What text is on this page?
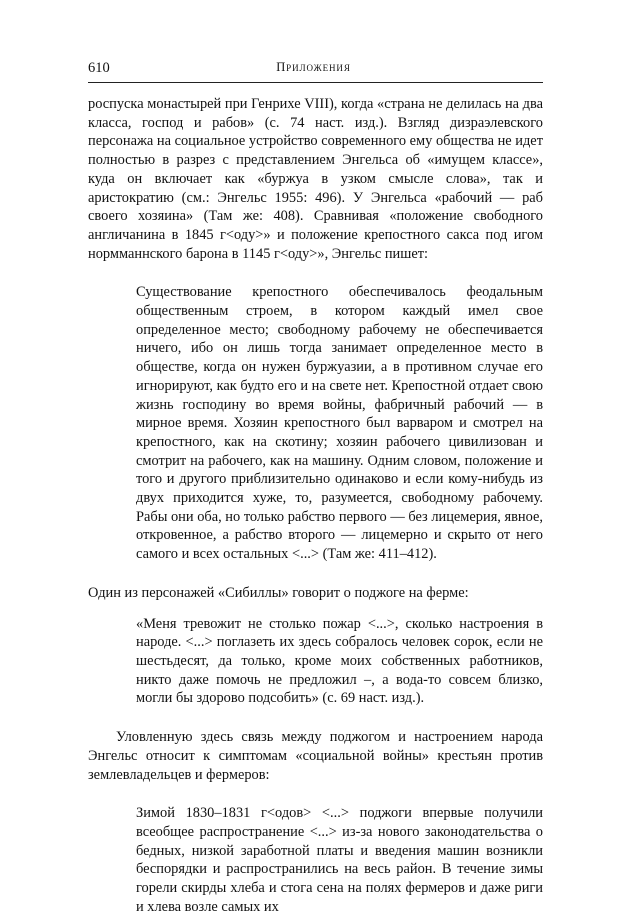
610	Приложения

роспуска монастырей при Генрихе VIII), когда «страна не делилась на два класса, господ и рабов» (с. 74 наст. изд.). Взгляд дизраэлевского персонажа на социальное устройство современного ему общества не идет полностью в разрез с представлением Энгельса об «имущем классе», куда он включает как «буржуа в узком смысле слова», так и аристократию (см.: Энгельс 1955: 496). У Энгельса «рабочий — раб своего хозяина» (Там же: 408). Сравнивая «положение свободного англичанина в 1845 г<оду>» и положение крепостного сакса под игом нормманнского барона в 1145 г<оду>», Энгельс пишет:

Существование крепостного обеспечивалось феодальным общественным строем, в котором каждый имел свое определенное место; свободному рабочему не обеспечивается ничего, ибо он лишь тогда занимает определенное место в обществе, когда он нужен буржуазии, а в противном случае его игнорируют, как будто его и на свете нет. Крепостной отдает свою жизнь господину во время войны, фабричный рабочий — в мирное время. Хозяин крепостного был варваром и смотрел на крепостного, как на скотину; хозяин рабочего цивилизован и смотрит на рабочего, как на машину. Одним словом, положение и того и другого приблизительно одинаково и если кому-нибудь из двух приходится хуже, то, разумеется, свободному рабочему. Рабы они оба, но только рабство первого — без лицемерия, явное, откровенное, а рабство второго — лицемерно и скрыто от него самого и всех остальных <...> (Там же: 411–412).

Один из персонажей «Сибиллы» говорит о поджоге на ферме:

«Меня тревожит не столько пожар <...>, сколько настроения в народе. <...> поглазеть их здесь собралось человек сорок, если не шестьдесят, да только, кроме моих собственных работников, никто даже помочь не предложил –, а вода-то совсем близко, могли бы здорово подсобить» (с. 69 наст. изд.).

Уловленную здесь связь между поджогом и настроением народа Энгельс относит к симптомам «социальной войны» крестьян против землевладельцев и фермеров:

Зимой 1830–1831 г<одов> <...> поджоги впервые получили всеобщее распространение <...> из-за нового законодательства о бедных, низкой заработной платы и введения машин возникли беспорядки и распространились на весь район. В течение зимы горели скирды хлеба и стога сена на полях фермеров и даже риги и хлева возле самых их
